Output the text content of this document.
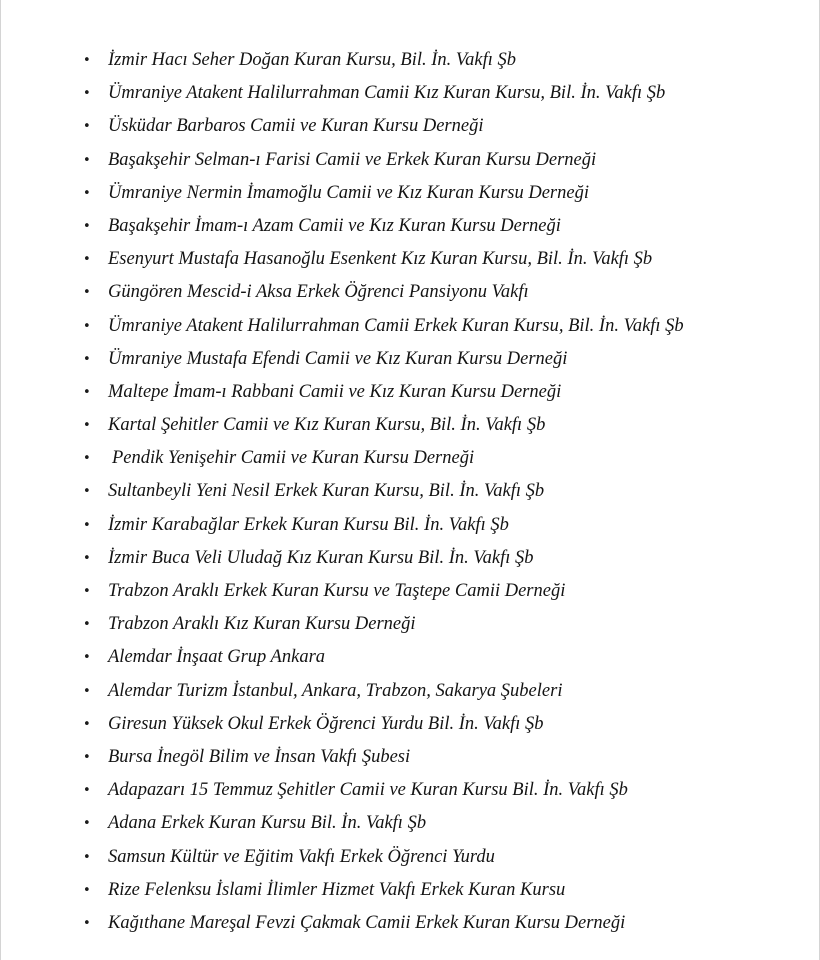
• İzmir Hacı Seher Doğan Kuran Kursu, Bil. İn. Vakfı Şb
• Ümraniye Atakent Halilurrahman Camii Kız Kuran Kursu, Bil. İn. Vakfı Şb
• Üsküdar Barbaros Camii ve Kuran Kursu Derneği
• Başakşehir Selman-ı Farisi Camii ve Erkek Kuran Kursu Derneği
• Ümraniye Nermin İmamoğlu Camii ve Kız Kuran Kursu Derneği
• Başakşehir İmam-ı Azam Camii ve Kız Kuran Kursu Derneği
• Esenyurt Mustafa Hasanoğlu Esenkent Kız Kuran Kursu, Bil. İn. Vakfı Şb
• Güngören Mescid-i Aksa Erkek Öğrenci Pansiyonu Vakfı
• Ümraniye Atakent Halilurrahman Camii Erkek Kuran Kursu, Bil. İn. Vakfı Şb
• Ümraniye Mustafa Efendi Camii ve Kız Kuran Kursu Derneği
• Maltepe İmam-ı Rabbani Camii ve Kız Kuran Kursu Derneği
• Kartal Şehitler Camii ve Kız Kuran Kursu, Bil. İn. Vakfı Şb
• Pendik Yenişehir Camii ve Kuran Kursu Derneği
• Sultanbeyli Yeni Nesil Erkek Kuran Kursu, Bil. İn. Vakfı Şb
• İzmir Karabağlar Erkek Kuran Kursu Bil. İn. Vakfı Şb
• İzmir Buca Veli Uludağ Kız Kuran Kursu Bil. İn. Vakfı Şb
• Trabzon Araklı Erkek Kuran Kursu ve Taştepe Camii Derneği
• Trabzon Araklı Kız Kuran Kursu Derneği
• Alemdar İnşaat Grup Ankara
• Alemdar Turizm İstanbul, Ankara, Trabzon, Sakarya Şubeleri
• Giresun Yüksek Okul Erkek Öğrenci Yurdu Bil. İn. Vakfı Şb
• Bursa İnegöl Bilim ve İnsan Vakfı Şubesi
• Adapazarı 15 Temmuz Şehitler Camii ve Kuran Kursu Bil. İn. Vakfı Şb
• Adana Erkek Kuran Kursu Bil. İn. Vakfı Şb
• Samsun Kültür ve Eğitim Vakfı Erkek Öğrenci Yurdu
• Rize Felenksu İslami İlimler Hizmet Vakfı Erkek Kuran Kursu
• Kağıthane Mareşal Fevzi Çakmak Camii Erkek Kuran Kursu Derneği
